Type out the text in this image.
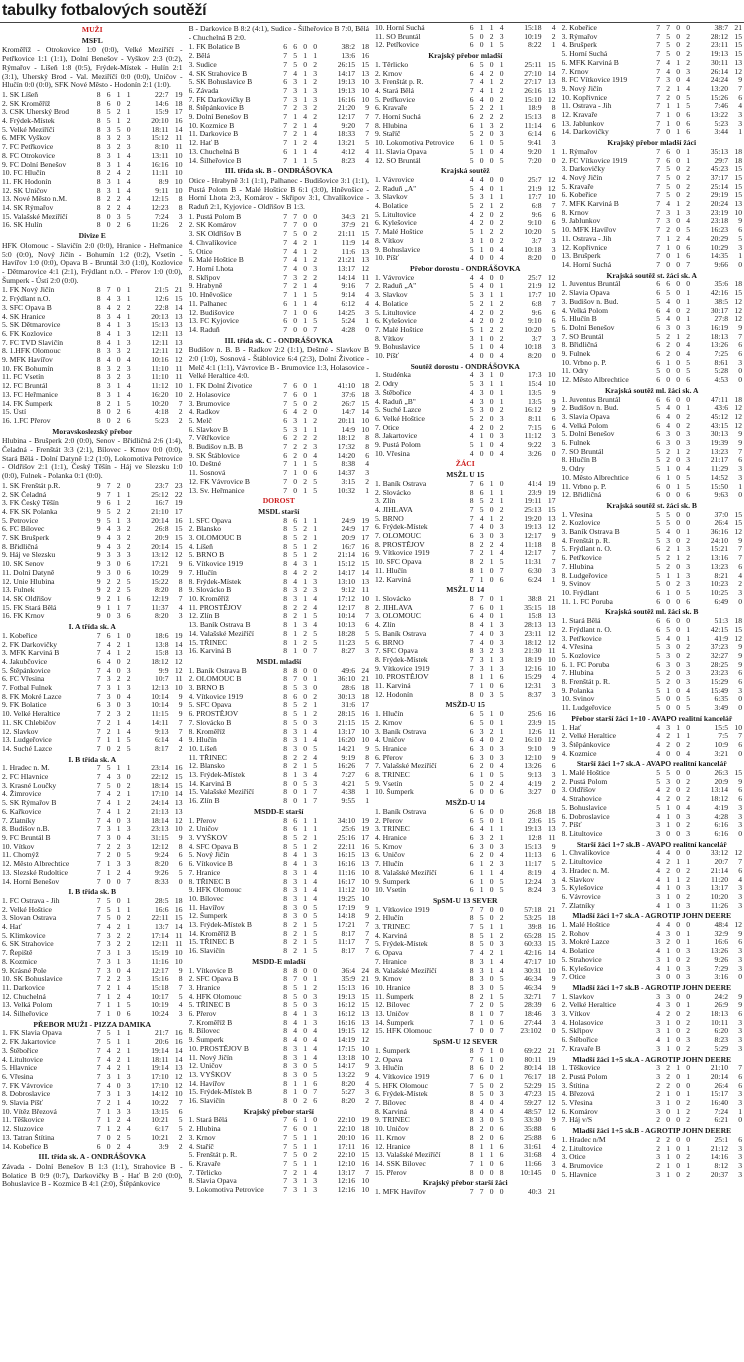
tabulky fotbalových soutěží
MUŽI
MSFL
Kroměříž - Otrokovice 1:0 (0:0), Velké Meziříčí - Petřkovice 1:1 (1:1), Dolní Benešov - Vyškov 2:3 (0:2), Rýmařov - Líšeň 1:8 (0:5), Frýdek-Místek - Hulín 2:1 (3:1), Uherský Brod - Val. Meziříčí 0:0 (0:0), Uničov - Hlučín 0:0 (0:0), SFK Nové Město - Hodonín 2:1 (1:0).
1. SK Líšeň	8 6 1 1	22:7 19
2. SK Kroměříž	8 6 0 2	14:6 18
3. CSK Uherský Brod	8 5 2 1	15:9 17
4. Frýdek-Místek	8 5 1 2	20:10 16
5. Velké Meziříčí	8 3 5 0	18:11 14
6. MFK Vyškov	8 3 2 3	15:12 11
7. FC Petřkovice	8 3 2 3	8:10 11
8. FC Otrokovice	8 3 1 4	13:11 10
9. FC Dolní Benešov	8 3 1 4	16:16 10
10. FC Hlučín	8 2 4 2	11:11 10
11. FK Hodonín	8 3 1 4	8:9 10
12. SK Uničov	8 3 1 4	9:11 10
13. Nové Město n.M.	8 2 2 4	12:15	8
14. SK Rýmařov	8 2 2 4	12:23	8
15. Valašské Meziříčí	8 0 3 5	7:24	3
16. SK Hulín	8 0 2 6	11:26	2
Divize E
HFK Olomouc - Slavičín 2:0 (0:0), Hranice - Heřmanice 5:0 (0:0), Nový Jičín - Bohumín 1:2 (0:2), Vsetín - Havířov 1:0 (0:0), Opava B - Bruntál 3:0 (1:0), Kozlovice - Dětmarovice 4:1 (2:1), Frýdlant n.O. - Přerov 1:0 (0:0), Šumperk - Ústí 2:0 (0:0).
1. FK Nový Jičín	8 7 0 1	21:5 21
2. Frýdlant n.O.	8 4 3 1	12:6 15
3. SFC Opava B	8 4 2 2	22:8 14
4. SK Hranice	8 3 4 1	20:13 13
5. SK Dětmarovice	8 4 1 3	15:13 13
6. FK Kozlovice	8 4 1 3	12:11 13
7. FC TVD Slavičín	8 4 1 3	12:11 13
8. 1.HFK Olomouc	8 3 3 2	12:11 12
9. MFK Havířov	8 4 0 4	10:16 12
10. FK Bohumín	8 3 2 3	11:10 11
11. FC Vsetín	8 3 2 3	11:10 11
12. FC Bruntál	8 3 1 4	11:12 10
13. FC Heřmanice	8 3 1 4	16:20 10
14. FK Šumperk	8 2 1 5	10:20	7
15. Ústí	8 0 2 6	4:18	2
16. 1.FC Přerov	8 0 2 6	5:23	2
Moravskoslezský přebor
Hlubina - Brušperk 2:0 (0:0), Senov - Břidličná 2:6 (1:4), Čeladná - Frenštát 3:3 (2:1), Bílovec - Krnov 0:0 (0:0), Stará Bělá - Dolní Datyně 1:2 (1:0), Lokomotiva Petrovice - Oldřišov 2:1 (1:1), Český Těšín - Háj ve Slezsku 1:0 (0:0), Fulnek - Polanka 0:1 (0:0).
1. SK Frenštát p.R.	9 7 2 0	23:7 23
2. SK Čeladná	9 7 1 1	25:12 22
3. FK Český Těšín	9 6 1 2	16:7 19
4. FK SK Polanka	9 5 2 2	21:10 17
5. Petrovice	9 5 1 3	20:14 16
6. FC Bílovec	9 4 3 2	26:8 15
7. SK Brušperk	9 4 3 2	20:9 15
8. Břidličná	9 4 3 2	20:14 15
9. Háj ve Slezsku	9 3 3 3	13:12 12
10. SK Senov	9 3 0 6	17:21	9
11. Dolní Datyně	9 3 0 6	10:29	9
12. Unie Hlubina	9 2 2 5	15:22	8
13. Fulnek	9 2 2 5	8:20	8
14. SK Oldřišov	9 2 1 6	12:19	7
15. FK Stará Bělá	9 1 1 7	11:37	4
16. FK Krnov	9 0 3 6	8:20	3
I. A třída sk. A
1. Kobeřice	7 6 1 0	18:6 19
2. FK Darkovičky	7 4 2 1	13:8 14
3. MFK Karviná B	7 4 1 2	15:8 13
4. Jakubčovice	6 4 0 2	18:12 12
5. Štěpánkovice	7 4 0 3	9:9 12
6. FC Vřesina	7 3 2 2	10:7 11
7. Fotbal Fulnek	7 3 1 3	12:13 10
8. FK Mokré Lazce	7 3 0 4	10:14	9
9. FK Bolatice	6 3 0 3	10:14	9
10. Velké Heraltice	7 2 3 2	11:15	9
11. SK Chlebičov	7 2 1 4	14:11	7
12. Slavkov	7 2 1 4	9:13	7
13. Ludgeřovice	7 1 1 5	6:14	4
14. Suché Lazce	7 0 2 5	8:17	2
I. B třída sk. A
1. Hradec n. M.	7 5 1 1	23:14 16
2. FC Hlavnice	7 4 3 0	22:12 15
3. Krasné Loučky	7 5 0 2	18:14 15
4. Žimrovice	7 4 2 1	17:10 14
5. SK Rýmařov B	7 4 1 2	24:14 13
6. Kařkovice	7 4 1 2	21:13 13
7. Zlatníky	7 4 0 3	18:14 12
8. Budišov n.B.	7 3 1 3	23:13 10
9. FC Bruntál B	7 3 0 4	31:15	9
10. Vítkov	7 2 2 3	12:12	8
11. Chomýž	7 2 0 5	9:24	6
12. Město Albrechtice	7 1 3 3	8:20	6
13. Slezské Rudoltice	7 1 2 4	9:26	5
14. Horní Benešov	7 0 0 7	8:33	0
I. B třída sk. B
1. FC Ostrava - Jih	7 5 0 1	28:5 18
2. Velké Hoštice	7 5 1 1	16:6 16
3. Slovan Ostrava	7 5 0 2	22:11 15
4. Hať	7 4 2 1	13:7 14
5. Klimkovice	7 3 2 2	17:14 11
6. SK Strahovice	7 3 2 2	12:11 11
7. Řepiště	7 3 1 3	15:19 10
8. Kozmice	7 3 1 3	11:16 10
9. Krásné Pole	7 3 0 4	12:17	9
10. SK Bohuslavice	7 2 2 3	15:16	8
11. Darkovice	7 2 1 4	15:18	7
12. Chuchelná	7 1 2 4	10:17	5
13. Velká Polom	7 1 1 5	10:19	4
14. Šilheřovice	7 1 0 6	10:24	3
PŘEBOR MUŽI - PIZZA DAMIKA
1. FK Slavia Opava	7 5 1 1	21:7 16
2. FK Jakartovice	7 5 1 1	20:6 16
3. Štěbořice	7 4 2 1	19:14 14
4. Litultovice	7 4 2 1	18:11 14
5. Hlavnice	7 4 2 1	19:14 13
6. Vřesina	7 3 1 3	17:10 12
7. FK Vávrovice	7 4 0 3	17:10 12
8. Dobroslavice	7 3 1 3	14:12 10
9. Slavia Píšť	7 2 1 4	10:22	7
10. Vítěz Březová	7 1 3 3	13:15	6
11. Těškovice	7 1 2 4	10:21	5
12. Sluzovice	7 1 2 4	6:17	5
13. Tatran Štítina	7 0 2 5	10:21	2
14. Kobeřice B	6 0 2 4	3:9	2
III. třída sk. A - ONDRÁŠOVKA
Závada - Dolní Benešov B 1:3 (1:1), Strahovice B - Bolatice B 0:9 (0:7), Darkovičky B - Hať B 2:0 (0:0), Bohuslavice B - Kozmice B 4:1 (2:0), Štěpánkovice
B - Darkovice B 8:2 (4:1), Sudice - Šilheřovice B 7:0, Bělá - Chuchelná B 2:0.
1. FK Bolatice B	6 6 0 0	38:2 18
2. Bělá	7 5 1 1	13:6 16
3. Sudice	7 5 0 2	26:15 15
4. SK Strahovice B	7 4 1 3	14:17 13
5. SK Bohuslavice B	6 3 1 2	19:13 10
6. Závada	7 3 1 3	19:13 10
7. FK Darkovičky B	7 3 1 3	16:16 10
8. Štěpánkovice B	7 2 3 2	21:20	9
9. Dolní Benešov B	7 1 4 2	12:17	7
10. Kozmice B	7 2 1 4	9:20	7
11. Darkovice B	7 2 1 4	18:33	7
12. Hať B	7 1 2 4	13:21	5
13. Chuchelná B	6 1 1 4	4:12	4
14. Šilheřovice B	7 1 1 5	8:23	4
III. třída sk. B - ONDRÁŠOVKA
Otice - Hrabyně 3:1 (1:1), Palhanec - Budišovice 3:1 (1:1), Pustá Polom B - Malé Hoštice B 6:1 (3:0), Hněvošice - Horní Lhota 2:3, Komárov - Skřipov 3:1, Chvalíkovice - Raduň 2:1, Kyjovice - Oldřišov B 1:3.
1. Pustá Polom B	7 7 0 0	34:3 21
2. SK Komárov	7 7 0 0	37:9 21
3. SK Oldřišov B	7 5 0 2	21:11 15
4. Chvalíkovice	7 4 2 1	11:9 14
5. Otice	7 4 1 2	11:6 13
6. Malé Hoštice B	7 4 1 2	21:21 13
7. Horní Lhota	7 4 0 3	13:17 12
8. Skřipov	7 3 2 2	14:14 11
9. Hrabyně	7 2 1 4	9:16	7
10. Hněvošice	7 1 1 5	9:14	4
11. Palhanec	6 1 1 4	6:12	4
12. Budišovice	7 1 0 6	14:25	3
13. FC Kyjovice	6 0 1 5	5:24	1
14. Raduň	7 0 0 7	4:28	0
III. třída sk. C - ONDRÁŠOVKA
Budišov n. B. B - Radkov 2:2 (1:1), Deštné - Slavkov B 2:0 (1:0), Sosnová - Štáblovice 6:4 (2:3), Dolní Životice - Melč 4:1 (1:1), Vávrovice B - Brumovice 1:3, Holasovice - Velké Heraltice 4:0.
1. FK Dolní Životice	7 6 0 1	41:10 18
2. Holasovice	7 6 0 1	37:6 18
3. Brumovice	7 5 0 2	26:7 15
4. Radkov	6 4 2 0	14:7 14
5. Melč	6 3 1 2	20:11 10
6. Slavkov B	5 3 1 1	14:9 10
7. Větřkovice	6 2 2 2	18:12	8
8. Budišov n.B. B	7 2 2 3	17:32	8
9. SK Štáblovice	6 2 0 4	14:20	6
10. Deštné	7 1 1 5	8:38	4
11. Sosnová	7 1 0 6	14:37	3
12. FK Vávrovice B	7 0 2 5	3:15	2
13. Sv. Heřmanice	7 0 1 5	10:32	1
DOROST
MSDL starší
1. SFC Opava	8 6 1 1	24:9 19
2. Blansko	8 5 2 1	24:9 17
3. OLOMOUC B	8 5 2 1	20:9 17
4. Líšeň	8 5 1 2	16:7 16
5. BRNO B	8 5 1 2	21:14 16
6. Vítkovice 1919	8 4 3 1	15:12 15
7. Hlučín	8 4 2 2	14:17 14
8. Frýdek-Místek	8 4 1 3	13:10 13
9. Slovácko B	8 3 2 3	9:12 11
10. Kroměříž	8 3 1 4	17:12 10
11. PROSTĚJOV	8 2 2 4	12:17	8
12. Zlín B	8 2 1 5	10:14	7
13. Baník Ostrava B	8 1 3 4	10:13	6
14. Valašské Meziříčí	8 1 2 5	18:28	5
15. TŘINEC	8 1 2 5	11:23	5
16. Karviná B	8 1 0 7	8:27	3
MSDL mladší
1. Baník Ostrava B	8 8 0 0	49:6 24
2. OLOMOUC B	8 7 0 1	36:10 21
3. BRNO B	8 5 3 0	28:6 18
4. Vítkovice 1919	8 6 0 2	30:13 18
5. SFC Opava	8 5 2 1	31:6 17
6. PROSTĚJOV	8 5 1 2	28:15 16
7. Slovácko B	8 5 0 3	21:15 15
8. Kroměříž	8 3 1 4	13:17 10
9. Hlučín	8 3 1 4	16:20 10
10. Líšeň	8 3 0 5	14:21	9
11. TŘINEC	8 2 2 4	9:19	8
12. Blansko	8 2 1 5	16:26	7
13. Frýdek-Místek	8 1 3 4	7:27	6
14. Karviná B	8 0 5 3	4:21	5
15. Valašské Meziříčí	8 0 1 7	4:38	1
16. Zlín B	8 0 1 7	9:55	1
MSDD-E starší
1. Přerov	8 6 1 1	34:10 19
2. Uničov	8 6 1 1	25:6 19
3. VYŠKOV	8 5 2 1	25:16 17
4. SFC Opava B	8 5 1 2	22:11 16
5. Nový Jičín	8 4 1 3	16:15 13
6. Vítkovice B	8 4 1 3	16:16 13
7. Hranice	8 3 1 4	11:16 10
8. TŘINEC B	8 3 1 4	16:17 10
9. HFK Olomouc	8 3 1 4	11:12 10
10. Bílovec	8 3 1 4	19:25 10
11. Havířov	8 3 0 5	17:19	9
12. Šumperk	8 3 0 5	14:18	9
13. Frýdek-Místek B	8 2 1 5	17:21	7
14. Kroměříž B	8 2 1 5	8:17	7
15. TŘINEC B	8 2 1 5	11:17	7
16. Slavičín	8 2 1 5	8:17	7
MSDD-E mladší
1. Vítkovice B	8 8 0 0	36:4 24
2. SFC Opava B	8 7 0 1	35:9 21
3. Hranice	8 5 1 2	15:13 16
4. HFK Olomouc	8 5 0 3	19:13 15
5. TŘINEC B	8 5 0 3	16:12 15
6. Přerov	8 4 1 3	16:12 13
7. Kroměříž B	8 4 1 3	16:16 13
8. Bílovec	8 4 0 4	19:15 12
9. Šumperk	8 4 0 4	14:19 12
10. PROSTĚJOV B	8 3 1 4	17:15 10
11. Nový Jičín	8 3 1 4	13:18 10
12. Uničov	8 3 0 5	14:17	9
13. VYŠKOV	8 3 0 5	13:22	9
14. Havířov	8 1 1 6	8:20	4
15. Frýdek-Místek B	8 1 0 7	5:27	3
16. Slavičín	8 0 2 6	8:20	2
Krajský přebor starší
1. Stará Bělá	7 6 1 0	22:10 19
2. Hlubina	7 6 0 1	22:10 18
3. Krnov	7 5 1 1	20:10 16
4. Staříč	7 5 1 1	17:11 16
5. Frenštát p. R.	7 5 0 2	22:10 15
6. Kravaře	7 5 1 1	12:10 16
7. Těrlicko	7 2 1 4	13:17	7
8. Slavia Opava	7 3 1 3	12:16 10
9. Lokomotiva Petrovice	7 3 1 3	12:16 10
10. Horní Suchá	6 1 1 4	15:18	4
11. SO Bruntál	5 0 2 3	10:19	2
12. Petřkovice	6 0 1 5	8:22	1
Krajský přebor mladší
1. Těrlicko	6 5 0 1	25:11 15
2. Krnov	6 4 2 0	27:10 14
3. Frenštát p. R.	7 4 1 2	27:17 13
4. Stará Bělá	7 4 1 2	26:16 13
5. Petřkovice	6 4 0 2	15:10 12
6. Kravaře	5 2 2 1	18:9	8
7. Horní Suchá	6 2 2 2	15:13	8
8. Hlubina	6 1 3 2	11:14	6
9. Staříč	5 2 0 3	6:14	6
10. Lokomotiva Petrovice	6 1 0 5	9:41	3
11. Slavia Opava	5 1 0 4	9:20	1
12. SO Bruntál	5 0 0 5	7:20	0
Krajská soutěž
1. Vávrovice	4 4 0 0	25:7 12
2. Raduň „A"	5 4 0 1	21:9 12
3. Slavkov	5 3 1 1	17:7 10
4. Bolatice	5 2 1 2	6:8	7
5. Litultovice	4 2 0 2	9:6	6
6. Kylešovice	4 2 0 2	9:10	6
7. Malé Hoštice	5 1 2 2	10:20	5
8. Vítkov	3 1 0 2	3:7	3
9. Bohuslavice	5 1 0 4	10:18	3
10. Píšť	4 0 0 4	8:20	0
Přebor dorostu - ONDRÁŠOVKA
1. Vávrovice	4 4 0 0	25:7 12
2. Raduň „A"	5 4 0 1	21:9 12
3. Slavkov	5 3 1 1	17:7 10
4. Bolatice	5 2 1 2	6:8	7
5. Litultovice	4 2 0 2	9:6	6
6. Kylešovice	4 2 0 2	9:10	6
7. Malé Hoštice	5 1 2 2	10:20	5
8. Vítkov	3 1 0 2	3:7	3
9. Bohuslavice	5 1 0 4	10:18	3
10. Píšť	4 0 0 4	8:20	0
Soutěž dorostu - ONDRÁŠOVKA
1. Studénka	4 3 1 0	17:3 10
2. Odry	5 3 1 1	15:4 10
3. Štěbořice	4 3 0 1	13:5	9
4. Raduň „B"	4 3 0 1	13:5	9
5. Suché Lazce	5 3 0 2	16:12	9
6. Velké Hoštice	5 2 0 3	8:11	6
7. Otice	4 2 0 2	7:15	6
8. Jakartovice	4 1 0 3	11:12	3
9. Pustá Polom	5 1 0 4	9:22	3
10. Vřesina	4 0 0 4	3:26	0
ŽÁCI
MSŽL U 15
1. Baník Ostrava	7 6 1 0	41:4 19
2. Slovácko	8 6 1 1	23:9 19
3. Zlín	8 5 2 1	19:11 17
4. JIHLAVA	7 5 0 2	25:13 15
5. BRNO	7 4 1 2	19:20 13
6. Frýdek-Místek	7 4 0 3	19:13 12
7. OLOMOUC	6 3 0 3	12:17	9
8. PROSTĚJOV	8 2 2 4	11:18	8
9. Vítkovice 1919	7 2 1 4	12:17	7
10. SFC Opava	8 2 1 5	11:31	7
11. Hlučín	8 1 0 7	6:30	3
12. Karviná	7 1 0 6	6:24	1
MSŽL U 14
1. Slovácko	8 7 0 1	38:8 21
2. JIHLAVA	7 6 0 1	35:15 18
3. OLOMOUC	6 4 0 1	15:8 13
4. Zlín	8 4 1 3	28:13 13
5. Baník Ostrava	7 4 0 3	23:11 12
6. BRNO	7 4 0 3	18:12 12
7. SFC Opava	8 3 2 3	21:30 11
8. Frýdek-Místek	7 3 1 3	18:19 10
9. Vítkovice 1919	7 3 1 3	12:16 10
10. PROSTĚJOV	8 1 1 6	15:29	4
11. Karviná	7 1 0 6	12:31	3
12. Hodonín	8 0 3 5	8:37	3
MSŽD-U 15
1. Hlučín	6 5 1 0	25:6 16
2. Krnov	6 5 0 1	23:9 15
3. Baník Ostrava	6 3 2 1	12:6 11
4. Uničov	6 4 0 2	16:10 12
5. Hranice	6 3 0 3	9:10	9
6. Přerov	6 3 0 3	12:10	9
7. Valašské Meziříčí	6 2 0 4	13:26	6
8. TRINEC	6 1 0 5	9:13	3
9. Vsetín	5 0 2 4	4:19	2
10. Šumperk	6 0 0 6	3:27	0
MSŽD-U 14
1. Baník Ostrava	6 6 0 0	26:8 18
2. Přerov	6 5 0 1	23:6 15
3. TRINEC	6 4 1 1	19:13 13
4. Hranice	6 3 2 1	12:8 11
5. Krnov	6 3 0 3	15:13	9
6. Uničov	6 2 0 4	11:13	6
7. Hlučín	6 1 2 3	11:17	5
8. Valašské Meziříčí	6 1 1 4	8:19	4
9. Šumperk	6 1 0 5	12:24	3
10. Vsetín	6 1 0 5	8:24	3
SpSM-U 13 SEVER
1. Vítkovice 1919	7 7 0 0	57:18 21
2. Hlučín	8 5 0 2	53:25 18
3. TRINEC	7 5 1 1	39:8 16
4. Karviná	8 5 1 2	65:28 15
5. Frýdek-Místek	8 5 0 3	60:33 15
6. Opava	7 4 2 1	42:16 14
7. Hranice	8 3 1 4	47:17 10
8. Valašské Meziříčí	8 3 1 4	30:31 10
9. Krnov	8 3 0 5	46:34	9
10. Hranice	8 3 0 5	46:34	9
11. Šumperk	8 2 1 5	32:71	7
12. Bílovec	7 2 0 5	28:39	6
13. Uničov	8 1 0 7	18:46	3
14. Šumperk	7 1 0 6	27:44	3
15. HFK Olomouc	7 0 0 7	23:102	0
SpSM-U 12 SEVER
1. Šumperk	8 7 1 0	69:22 21
2. Opava	7 6 1 0	80:11 19
3. Hlučín	8 6 0 2	80:14 18
4. Vítkovice 1919	7 6 0 1	76:17 18
5. HFK Olomouc	7 5 0 2	52:29 15
6. Frýdek-Místek	8 5 0 3	47:23 15
7. Bílovec	8 4 0 4	59:27 12
8. Karviná	8 4 0 4	48:57 12
9. TRINEC	8 3 0 5	33:30	9
10. Uničov	8 2 0 6	35:88	6
11. Krnov	8 2 0 6	25:88	6
12. Hranice	8 1 1 6	31:61	4
13. Valašské Meziříčí	8 1 1 6	31:68	4
14. SSK Bílovec	7 1 0 6	11:66	3
15. Přerov	8 0 0 8	10:145	0
Krajský přebor starší žáci
1. MFK Havířov	7 7 0 0	40:3 21
2. Kobeřice	7 7 0 0	38:7 21
3. Rýmařov	7 5 0 2	28:12 15
4. Brušperk	7 5 0 2	23:11 15
5. Horní Suchá	7 5 0 2	19:13 15
6. MFK Karviná B	7 4 1 2	30:11 13
7. Krnov	7 4 0 3	26:14 12
8. FC Vítkovice 1919	7 3 0 4	24:24	9
9. Nový Jičín	7 2 1 4	13:20	7
10. Kopřivnice	7 2 0 5	15:26	6
11. Ostrava - Jih	7 1 1 5	7:46	4
12. Kravaře	7 1 0 6	13:22	3
13. Jablunkov	7 1 0 6	5:23	3
14. Darkovičky	7 0 1 6	3:44	1
Krajský přebor mladší žáci
1. Rýmařov	7 6 0 1	35:13 18
2. FC Vítkovice 1919	7 6 0 1	29:7 18
3. Darkovičky	7 5 0 2	45:23 15
4. Nový Jičín	7 5 0 2	37:17 15
5. Kravaře	7 5 0 2	25:14 15
6. Kobeřice	7 5 0 2	29:19 15
7. MFK Karviná B	7 4 1 2	20:24 13
8. Krnov	7 3 1 3	23:19 10
9. Jablunkov	7 3 0 4	23:18	9
10. MFK Havířov	7 2 0 5	16:23	6
11. Ostrava - Jih	7 1 2 4	20:29	5
12. Kopřivnice	7 1 0 6	10:29	3
13. Brušperk	7 0 1 6	14:35	1
14. Horní Suchá	7 0 0 7	9:66	0
Krajská soutěž st. žáci sk. A
1. Juventus Bruntál	6 6 0 0	35:6 18
2. Slavia Opava	6 5 0 1	42:16 15
3. Budišov n. Bud.	5 4 0 1	38:5 12
4. Velká Polom	6 4 0 2	30:17 12
5. Hlučín B	5 4 0 1	27:8 12
6. Dolní Benešov	6 3 0 3	16:19	9
7. SO Bruntál	5 2 1 2	18:13	7
8. Břidličná	6 2 0 4	13:26	6
9. Fulnek	6 2 0 4	7:25	6
10. Vrbno p. P.	6 1 0 5	8:61	3
11. Odry	5 0 0 5	5:28	0
12. Město Albrechtice	6 0 0 6	4:53	0
Krajská soutěž ml. žáci sk. A
1. Juventus Bruntál	6 6 0 0	47:11 18
2. Budišov n. Bud.	5 4 0 1	43:6 12
3. Slavia Opava	6 4 0 2	45:12 12
4. Velká Polom	6 4 0 2	43:15 12
5. Dolní Benešov	6 3 0 3	30:13	9
6. Fulnek	6 3 0 3	19:39	9
7. SO Bruntál	5 2 1 2	13:23	7
8. Hlučín B	5 2 0 3	21:17	6
9. Odry	5 1 0 4	11:29	3
10. Město Albrechtice	6 1 0 5	14:52	3
11. Vrbno p. P.	6 0 1 5	15:50	1
12. Břidličná	6 0 0 6	9:63	0
Krajská soutěž st. žáci sk. B
1. Vřesina	5 5 0 0	37:0 15
2. Kozlovice	5 5 0 0	26:4 15
3. Baník Ostrava B	5 4 0 1	36:16 12
4. Frenštát p. R.	5 3 0 2	24:10	9
5. Frýdlant n. O.	6 2 1 3	15:21	7
6. Petřkovice	5 2 1 2	13:16	7
7. Hlubina	5 2 0 3	13:23	6
8. Ludgeřovice	5 1 1 3	8:21	4
9. Svinov	5 0 2 3	10:23	2
10. Frýdlant	6 1 0 5	10:25	3
11. 1. FC Poruba	6 0 0 6	6:49	0
Krajská soutěž ml. žáci sk. B
1. Stará Bělá	6 6 0 0	51:3 18
2. Frýdlant n. O.	6 5 0 1	42:15 15
3. Petřkovice	5 4 0 1	41:9 12
4. Vřesina	5 3 0 2	37:23	9
5. Kozlovice	5 3 0 2	32:27	9
6. 1. FC Poruba	6 3 0 3	28:25	9
7. Hlubina	5 2 0 3	23:23	6
8. Frenštát p. R.	5 2 0 3	15:29	6
9. Polanka	5 1 0 4	15:49	3
10. Svinov	5 0 0 5	6:35	0
11. Ludgeřovice	5 0 0 5	3:49	0
Přebor starší žáci 1+10 - AVAPO realitní kancelář
1. Hať	4 3 1 0	15:5 10
2. Velké Heraltice	4 2 1 1	7:5	7
3. Štěpánkovice	4 2 0 2	10:9	6
4. Kozmice	4 0 0 4	3:21	0
Starší žáci 1+7 sk.A - AVAPO realitní kancelář
1. Malé Hoštice	5 5 0 0	26:3 15
2. Pustá Polom	5 3 0 2	20:9	9
3. Oldřišov	4 2 0 2	13:14	6
4. Strahovice	4 2 0 2	18:12	6
5. Bohuslavice	5 1 0 4	4:19	3
6. Dobroslavice	4 1 0 3	4:28	3
7. Píšť	3 1 0 2	6:16	3
8. Litultovice	3 0 0 3	6:16	0
Starší žáci 1+7 sk.B - AVAPO realitní kancelář
1. Chvalíkovice	4 4 0 0	33:12 12
2. Litultovice	4 2 1 1	20:7	7
3. Hradec n. M.	4 2 0 2	21:14	6
4. Slavkov	4 1 1 2	11:20	4
5. Kylešovice	4 1 0 3	13:17	3
6. Vávrovice	3 1 0 2	10:20	3
7. Zlatníky	4 1 0 3	11:26	3
Mladší žáci 1+7 sk.A - AGROTIP JOHN DEERE
1. Malé Hoštice	4 4 0 0	48:4 12
2. Rohov	4 3 0 1	32:9	9
3. Mokré Lazce	3 2 0 1	16:6	6
4. Bolatice	4 1 0 3	13:26	3
5. Strahovice	3 1 0 2	9:26	3
6. Kylešovice	4 1 0 3	7:29	3
7. Otice	3 0 0 3	3:16	0
Mladší žáci 1+7 sk.B - AGROTIP JOHN DEERE
1. Slavkov	3 3 0 0	24:2	9
2. Velké Heraltice	4 3 0 1	26:9	9
3. Vítkov	4 2 0 2	18:13	6
4. Holasovice	3 1 0 2	10:11	3
5. Skřipov	3 1 0 2	6:20	3
6. Štěbořice	4 1 0 3	8:23	3
7. Kravaře B	3 1 0 2	5:29	3
Mladší žáci 1+5 sk.A - AGROTIP JOHN DEERE
1. Těškovice	3 2 1 0	21:10	7
2. Pustá Polom	3 2 0 1	20:14	6
3. Štítina	2 2 0 0	26:4	6
4. Březová	2 1 0 1	15:17	3
5. Vřesina	3 1 0 2	16:40	3
6. Komárov	3 0 1 2	7:24	1
7. Háj v/S	2 0 0 2	6:21	0
Mladší žáci 1+5 sk.B - AGROTIP JOHN DEERE
1. Hradec n/M	2 2 0 0	25:1	6
2. Litultovice	2 1 0 1	21:12	3
3. Otice	3 1 0 2	14:16	3
4. Brumovice	2 1 0 1	8:12	3
5. Hlavnice	3 1 0 2	20:37	3
